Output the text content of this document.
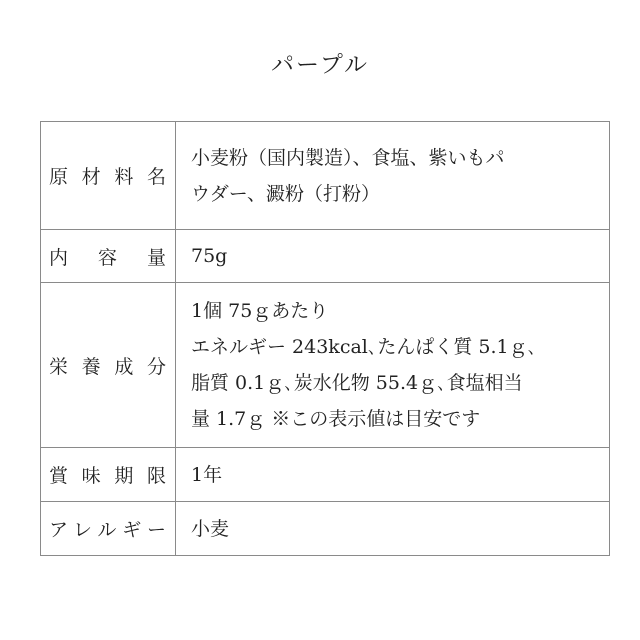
パープル
原材料名	小麦粉（国内製造）、食塩、紫いもパ
ウダー、澱粉（打粉）

内容量	75g

栄養成分	1個 75ｇあたり
エネルギー 243kcal､たんぱく質 5.1ｇ､
脂質 0.1ｇ､炭水化物 55.4ｇ､食塩相当
量 1.7ｇ ※この表示値は目安です

賞味期限	1年

アレルギー	小麦
